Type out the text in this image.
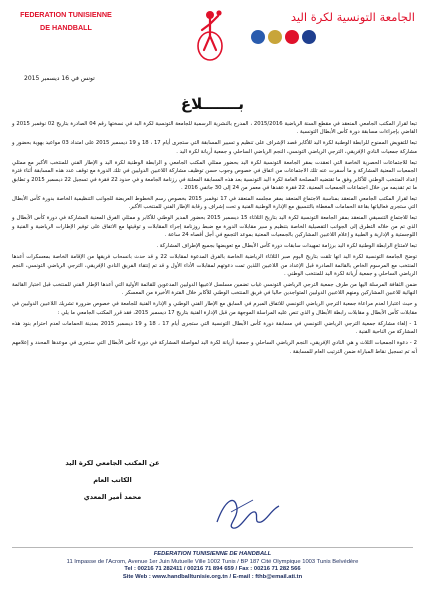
FEDERATION TUNISIENNE
DE HANDBALL
الجامعة التونسية لكرة اليد
تونس في 16 ديسمبر 2015
بـــــــلاغ

تبعا لقرار المكتب الجامعي المنعقد في مقطع السنة الرياضية 2015/2016 ، المدرج بالنشرية الرسمية للجامعة التونسية لكرة اليد في نسختها رقم 04 الصادرة بتاريخ 02 نوفمبر 2015 و القاضي بإجراءات مسابقة دورة كأس الأبطال التونسية .

تبعا للتفويض الممنوح للرابطة الوطنية لكرة اليد للأكابر قصد الإشراف على تنظيم و تسيير المسابقة التي ستجرى أيام 17 ، 18 و 19 ديسمبر 2015 على امتداد 03 مواعيد بهوية بحضور و مشاركة جمعيات النادي الإفريقي، الترجي الرياضي التونسي، النجم الرياضي الساحلي و جمعية أريانة لكرة اليد .

تبعا للاجتماعات الحصرية الخاصة التي انعقدت بمقر الجامعة التونسية لكرة اليد بحضور ممثلي المكتب الجامعي و الرابطة الوطنية لكرة اليد و الإطار الفني للمنتخب الأكبر مع ممثلي الجمعيات المعنية المشاركة و ما أسفرت عنه تلك الاجتماعات من اتفاق في خصوص وجوب حسن توظيف مشاركة اللاعبين الدوليين في تلك الدورة مع توقف عدد هذه المسابقة أثناء فترة إعداد المنتخب الوطني للأكابر وفق ما تقتضيه المصلحة العامة لكرة اليد التونسية بعد هذه المسابقة المعلنة في رزنامة الجامعة و في حدود 22 فقرة في تسجيل 22 ديسمبر 2015 و تطابق ما تم تقديمه من خلال اجتماعات الجمعيات المعنية، 22 فقرة عقدها في معمر من 24 إلى 30 جانفي 2016 .

تبعا لقرار المكتب الجامعي المنعقد بمناسبة الاجتماع المنعقد بمقر مجلسه المنعقد في 17 نوفمبر 2015 بخصوص رسم الخطوط العريضة للجوانب التنظيمية الخاصة بدورة كأس الأبطال التي ستجرى فعالياتها بقاعة الحمامات المغطاة بالتنسيق مع الإدارة الوطنية الفنية و تحت إشراف و رقابة الإطار الفني للمنتخب الأكبر.

تبعا للاجتماع التنسيقي المنعقد بمقر الجامعة التونسية لكرة اليد بتاريخ الثلاثاء 15 ديسمبر 2015 بحضور المدير الوطني للأكابر و ممثلي الفرق المعنية المشاركة في دورة كأس الأبطال و الذي تم من خلاله التطرق إلى الجوانب التفصيلية الخاصة بتنظيم و سير مقابلات الدورة مع ضبط روزنامة إجراء المقابلات و توقيتها مع الاتفاق على توفير الإطارات الرياضية و الفنية و اللوجستية و الإدارية و الطبية و إعلام اللاعبين المشاركين بالجمعيات المعنية بموعد التجمع في أجل أقصاه 24 ساعة .

تبعا لامتناع الرابطة الوطنية لكرة اليد برزامة تمهيدات سابقات دورة كأس الأبطال مع تعويضها بجميع الإطراف المشاركة .

توضح الجامعة التونسية لكرة اليد انها تلقت بتاريخ اليوم صبر الثلاثاء الرياضية الخاصة بالفرق المدعوة لمقابلات 22 و قد حدث بانسحاب فريقها من الإقامة الخاصة بمعسكرات أعدها المنتخب مع المرسوم الخاص بالقائمة الصادرة قبل الإعداد من اللاعبين اللذين تمت دعوتهم لمقابلات الأداء الأول و قد تم إنتقاء الفريق النادي الإفريقي، الترجي الرياضي التونسي، النجم الرياضي الساحلي و جمعية أريانة لكرة اليد للمنتخب الوطني .

ضمن الثقافة المرسلة اليها من طرف جمعية الترجي الرياضي التونسي غياب تضمين مسلسل لاعبيها الدوليين المدعوين للقائمة الأولية التي أعدها الإطار الفني للمنتخب قبل اختيار القائمة النهائية للاعبين المشاركين ومنهم اللاعبين الدوليين المتواجدين حاليا في فريق المنتخب الوطني للأكابر خلال الفترة الأخيرة من المعسكر .

و حيث اعتبارا لعدم مراعاة جمعية الترجي الرياضي التونسي للاتفاق المبرم في السابق مع الإطار الفني الوطني و الإدارة الفنية للجامعة في خصوص ضرورة تشريك اللاعبين الدوليين في مقابلات كأس الأبطال و مقابلات رابطة الأبطال و الذي تنص عليه المراسلة الموجهة من قبل الإدارة الفنية بتاريخ 17 ديسمبر 2015، فقد قرر المكتب الجامعي ما يلي :

1 - إلغاء مشاركة جمعية الترجي الرياضي التونسي في مسابقة دورة كأس الأبطال التونسية التي ستجرى أيام 17 ، 18 و 19 ديسمبر 2015 بمدينة الحمامات لعدم احترام بنود هذه المشاركة من الناحية الفنية .

2 - دعوة الجمعيات الثلاث و هي النادي الإفريقي، النجم الرياضي الساحلي و جمعية أريانة لكرة اليد لمواصلة المشاركة في دورة كأس الأبطال التي ستجرى في موعدها المحدد و إعلامهم أنه تم تسجيل نقاط المباراة ضمن الترتيب العام للمسابقة .

عن المكتب الجامعي لكرة اليد
الكاتب العام
محمد أمير المعدي
FEDERATION TUNISIENNE DE HANDBALL
11 Impasse de l'Acrom, Avenue 1er Juin Mutuelle Ville 1002 Tunis / BP 187 Cité Olympique 1003 Tunis Belvédère
Tel : 00216 71 282411 / 00216 71 894 659 / Fax : 00216 71 282 566
Site Web : www.handballtunisie.org.tn / E-mail : fthb@email.ati.tn
